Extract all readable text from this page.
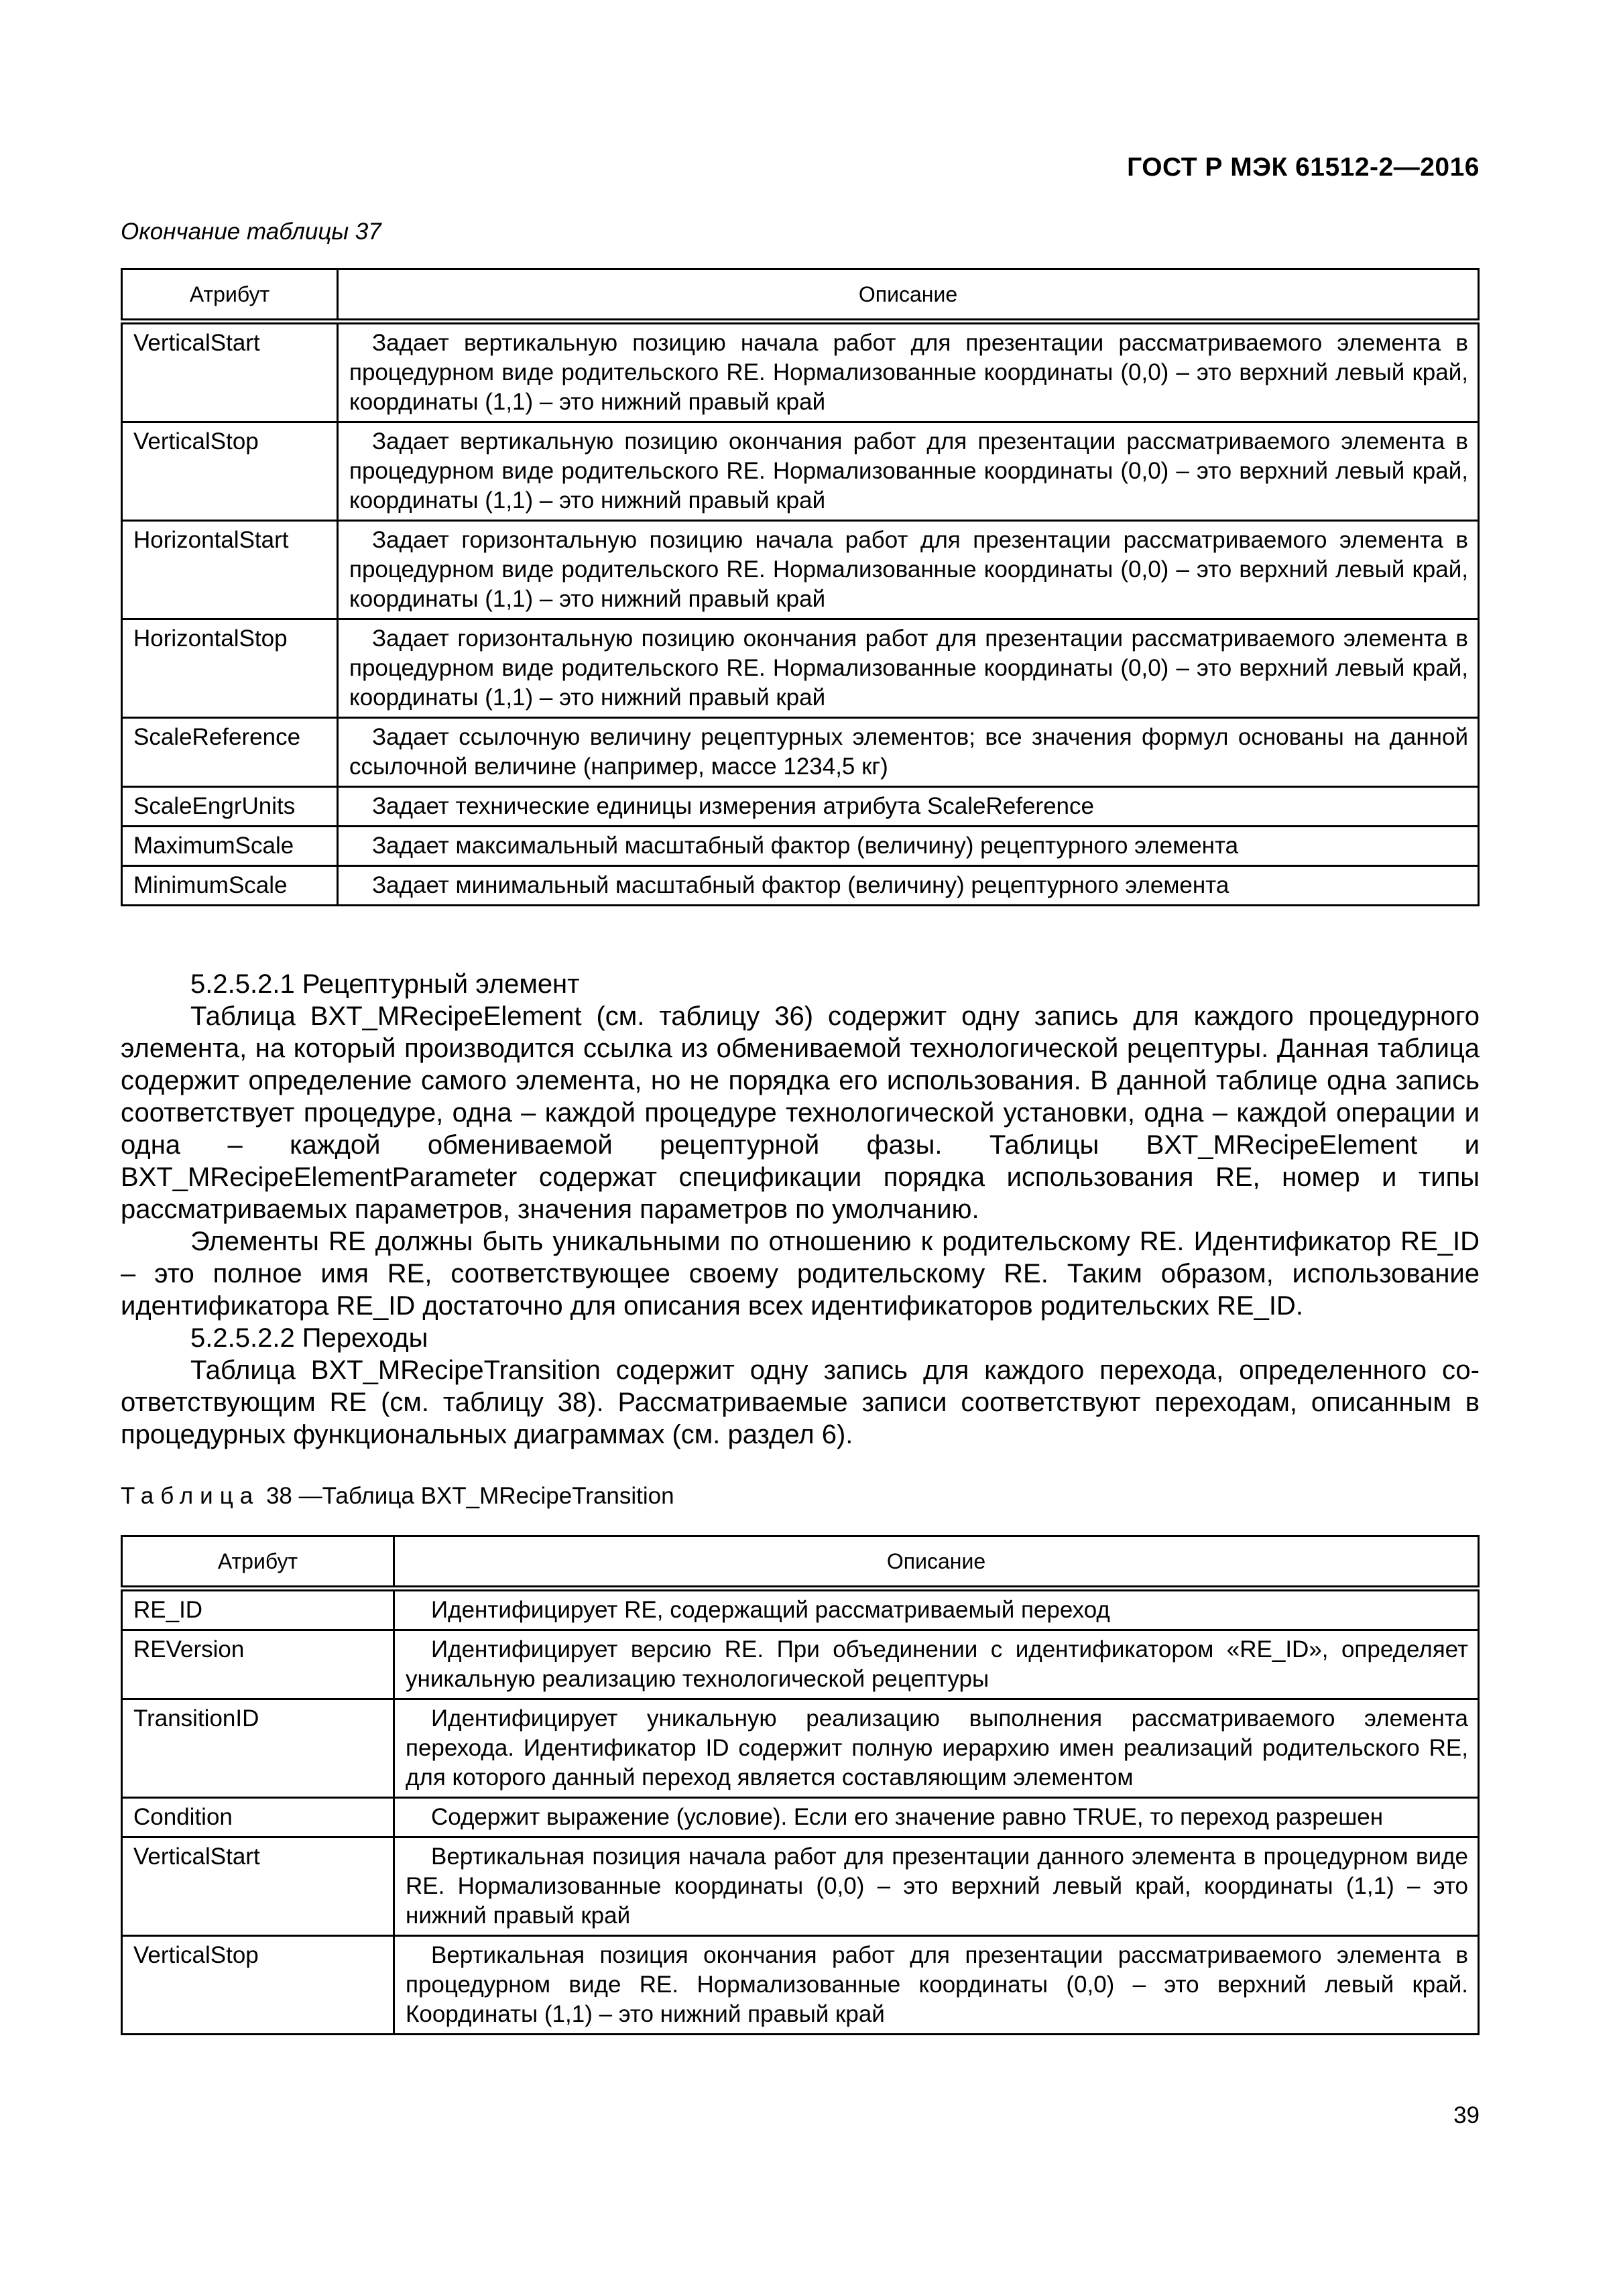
ГОСТ Р МЭК 61512-2—2016
Окончание таблицы 37
Атрибут	Описание
VerticalStart	Задает вертикальную позицию начала работ для презентации рассматриваемого элемента в процедурном виде родительского RE. Нормализованные координаты (0,0) – это верхний левый край, координаты (1,1) – это нижний правый край
VerticalStop	Задает вертикальную позицию окончания работ для презентации рассматриваемого элемента в процедурном виде родительского RE. Нормализованные координаты (0,0) – это верхний левый край, координаты (1,1) – это нижний правый край
HorizontalStart	Задает горизонтальную позицию начала работ для презентации рассматриваемого элемента в процедурном виде родительского RE. Нормализованные координаты (0,0) – это верхний левый край, координаты (1,1) – это нижний правый край
HorizontalStop	Задает горизонтальную позицию окончания работ для презентации рассматриваемого элемента в процедурном виде родительского RE. Нормализованные координаты (0,0) – это верхний левый край, координаты (1,1) – это нижний правый край
ScaleReference	Задает ссылочную величину рецептурных элементов; все значения формул основаны на данной ссылочной величине (например, массе 1234,5 кг)
ScaleEngrUnits	Задает технические единицы измерения атрибута ScaleReference
MaximumScale	Задает максимальный масштабный фактор (величину) рецептурного элемента
MinimumScale	Задает минимальный масштабный фактор (величину) рецептурного элемента

5.2.5.2.1 Рецептурный элемент

Таблица BXT_MRecipeElement (см. таблицу 36) содержит одну запись для каждого процедурного элемента, на который производится ссылка из обмениваемой технологической рецептуры. Данная таблица содержит определение самого элемента, но не порядка его использования. В данной таблице одна запись соответствует процедуре, одна – каждой процедуре технологической установки, одна – каждой операции и одна – каждой обмениваемой рецептурной фазы. Таблицы BXT_MRecipeElement и BXT_MRecipeElementParameter содержат спецификации порядка использования RE, номер и типы рассматриваемых параметров, значения параметров по умолчанию.

Элементы RE должны быть уникальными по отношению к родительскому RE. Идентификатор RE_ID – это полное имя RE, соответствующее своему родительскому RE. Таким образом, использование идентификатора RE_ID достаточно для описания всех идентификаторов родительских RE_ID.

5.2.5.2.2 Переходы

Таблица BXT_MRecipeTransition содержит одну запись для каждого перехода, определенного соответствующим RE (см. таблицу 38). Рассматриваемые записи соответствуют переходам, описанным в процедурных функциональных диаграммах (см. раздел 6).

Таблица 38 —Таблица BXT_MRecipeTransition
Атрибут	Описание
RE_ID	Идентифицирует RE, содержащий рассматриваемый переход
REVersion	Идентифицирует версию RE. При объединении с идентификатором «RE_ID», определяет уникальную реализацию технологической рецептуры
TransitionID	Идентифицирует уникальную реализацию выполнения рассматриваемого элемента перехода. Идентификатор ID содержит полную иерархию имен реализаций родительского RE, для которого данный переход является составляющим элементом
Condition	Содержит выражение (условие). Если его значение равно TRUE, то переход разрешен
VerticalStart	Вертикальная позиция начала работ для презентации данного элемента в процедурном виде RE. Нормализованные координаты (0,0) – это верхний левый край, координаты (1,1) – это нижний правый край
VerticalStop	Вертикальная позиция окончания работ для презентации рассматриваемого элемента в процедурном виде RE. Нормализованные координаты (0,0) – это верхний левый край. Координаты (1,1) – это нижний правый край
39
